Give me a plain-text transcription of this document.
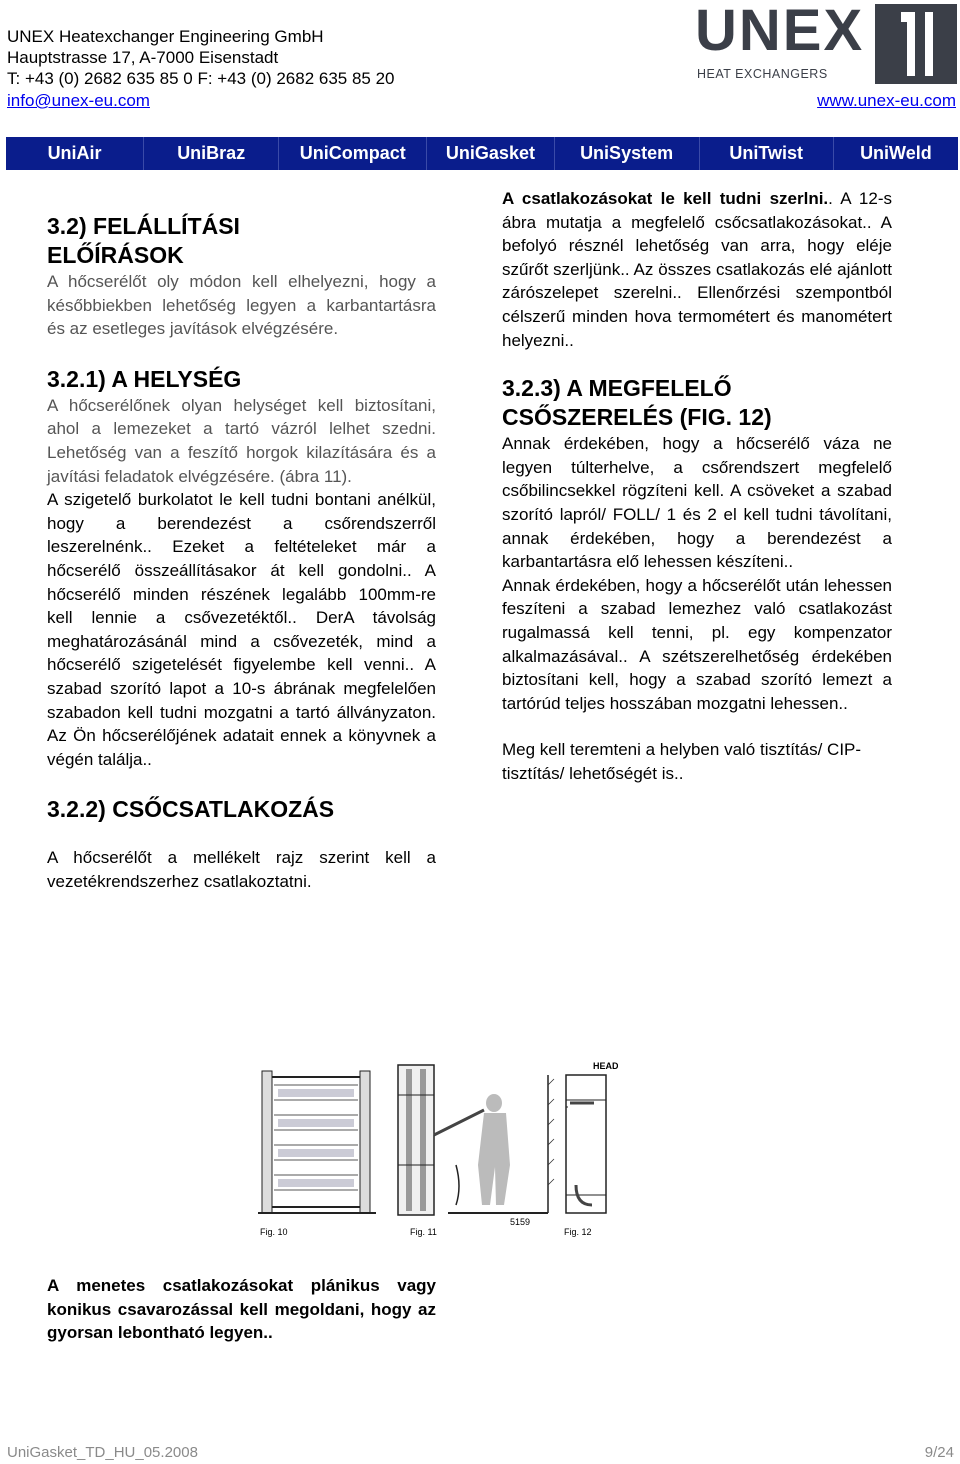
UNEX Heatexchanger Engineering GmbH
Hauptstrasse 17, A-7000 Eisenstadt
T: +43 (0) 2682 635 85 0 F: +43 (0) 2682 635 85 20
info@unex-eu.com	www.unex-eu.com
UNEX
HEAT EXCHANGERS
UniAir	UniBraz	UniCompact	UniGasket	UniSystem	UniTwist	UniWeld
3.2) FELÁLLÍTÁSI
ELŐÍRÁSOK

A hőcserélőt oly módon kell elhelyezni, hogy a későbbiekben lehetőség legyen a karbantartásra és az esetleges javítások elvégzésére.

3.2.1) A HELYSÉG

A hőcserélőnek olyan helységet kell biztosítani, ahol a lemezeket a tartó vázról lelhet szedni. Lehetőség van a feszítő horgok kilazítására és a javítási feladatok elvégzésére. (ábra 11).

A szigetelő burkolatot le kell tudni bontani anélkül, hogy a berendezést a csőrendszerről leszerelnénk.. Ezeket a feltételeket már a hőcserélő összeállításakor át kell gondolni.. A hőcserélő minden részének legalább 100mm-re kell lennie a csővezetéktől.. DerA távolság meghatározásánál mind a csővezeték, mind a hőcserélő szigetelését figyelembe kell venni.. A szabad szorító lapot a 10-s ábrának megfelelően szabadon kell tudni mozgatni a tartó állványzaton. Az Ön hőcserélőjének adatait ennek a könyvnek a végén találja..

3.2.2) CSŐCSATLAKOZÁS

A hőcserélőt a mellékelt rajz szerint kell a vezetékrendszerhez csatlakoztatni.

A csatlakozásokat le kell tudni szerlni.. A 12-s ábra mutatja a megfelelő csőcsatlakozásokat.. A befolyó résznél lehetőség van arra, hogy eléje szűrőt szerljünk.. Az összes csatlakozás elé ajánlott zárószelepet szerelni.. Ellenőrzési szempontból célszerű minden hova termométert és manométert helyezni..

3.2.3) A MEGFELELŐ
CSŐSZERELÉS (FIG. 12)

Annak érdekében, hogy a hőcserélő váza ne legyen túlterhelve, a csőrendszert megfelelő csőbilincsekkel rögzíteni kell. A csöveket a szabad szorító lapról/ FOLL/ 1 és 2 el kell tudni távolítani, annak érdekében, hogy a berendezést a karbantartásra elő lehessen készíteni..

Annak érdekében, hogy a hőcserélőt után lehessen feszíteni a szabad lemezhez való csatlakozást rugalmassá kell tenni, pl. egy kompenzator alkalmazásával.. A szétszerelhetőség érdekében biztosítani kell, hogy a szabad szorító lemezt a tartórúd teljes hosszában mozgatni lehessen..

Meg kell teremteni a helyben való tisztítás/ CIP- tisztítás/ lehetőségét is..

5159
HEAD
Fig. 10	Fig. 11	Fig. 12
A menetes csatlakozásokat plánikus vagy konikus csavarozással kell megoldani, hogy az gyorsan lebontható legyen..
UniGasket_TD_HU_05.2008	9/24
